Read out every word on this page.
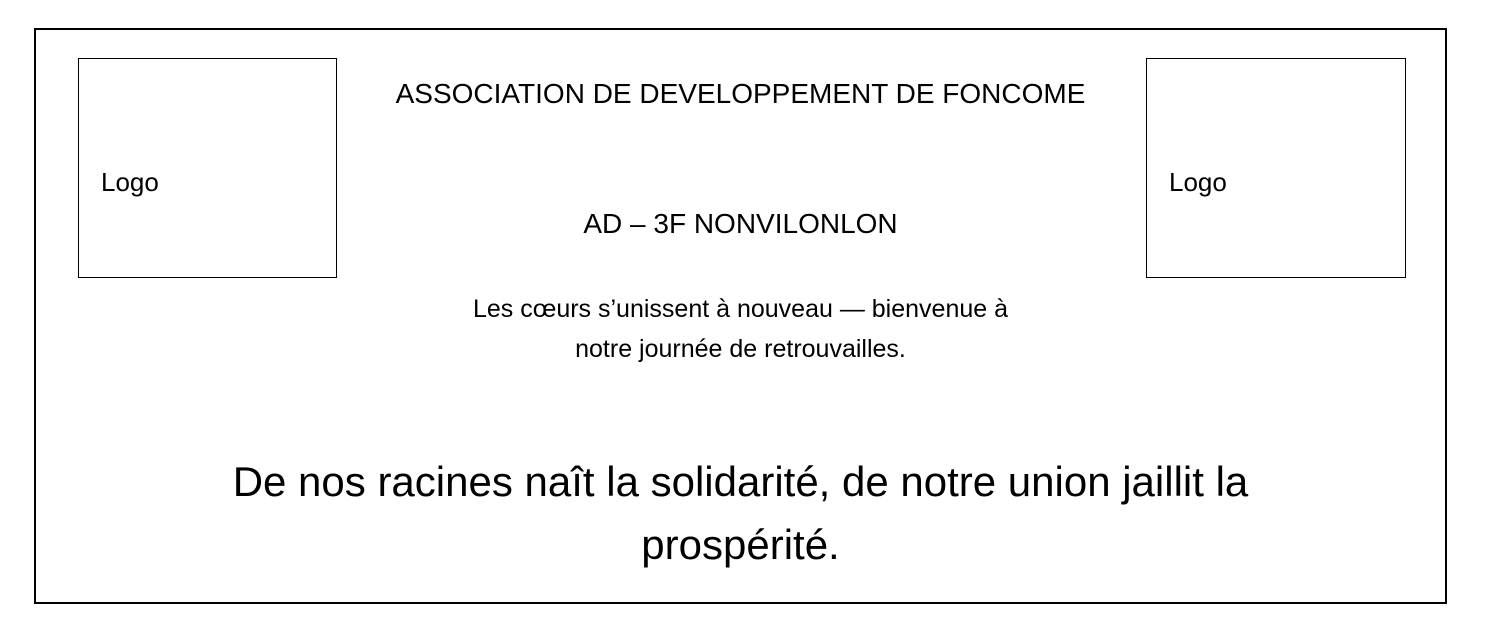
Logo	Logo
ASSOCIATION DE DEVELOPPEMENT DE FONCOME
AD – 3F NONVILONLON
Les cœurs s’unissent à nouveau — bienvenue à
notre journée de retrouvailles.
De nos racines naît la solidarité, de notre union jaillit la
prospérité.
